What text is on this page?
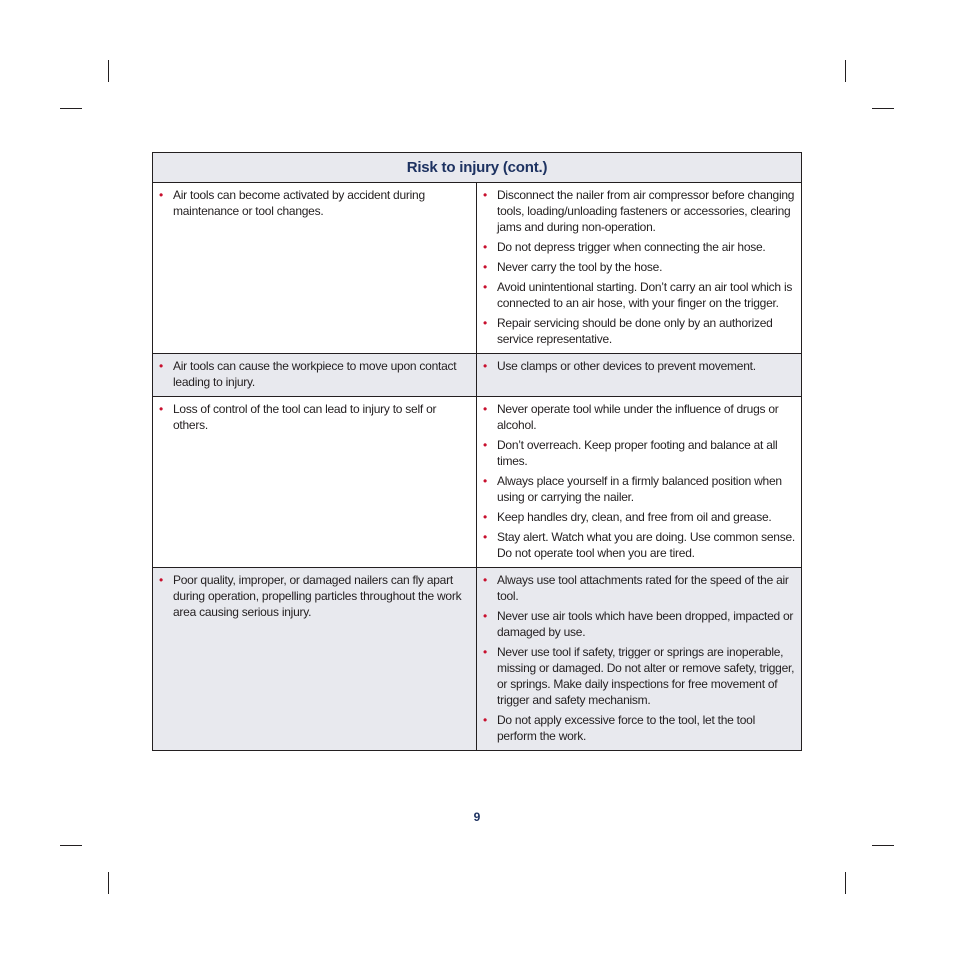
Risk to injury (cont.)
• Air tools can become activated by accident during maintenance or tool changes.
• Disconnect the nailer from air compressor before changing tools, loading/unloading fasteners or accessories, clearing jams and during non-operation.
• Do not depress trigger when connecting the air hose.
• Never carry the tool by the hose.
• Avoid unintentional starting. Don’t carry an air tool which is connected to an air hose, with your finger on the trigger.
• Repair servicing should be done only by an authorized service representative.
• Air tools can cause the workpiece to move upon contact leading to injury.
• Use clamps or other devices to prevent movement.
• Loss of control of the tool can lead to injury to self or others.
• Never operate tool while under the influence of drugs or alcohol.
• Don’t overreach. Keep proper footing and balance at all times.
• Always place yourself in a firmly balanced position when using or carrying the nailer.
• Keep handles dry, clean, and free from oil and grease.
• Stay alert. Watch what you are doing. Use common sense. Do not operate tool when you are tired.
• Poor quality, improper, or damaged nailers can fly apart during operation, propelling particles throughout the work area causing serious injury.
• Always use tool attachments rated for the speed of the air tool.
• Never use air tools which have been dropped, impacted or damaged by use.
• Never use tool if safety, trigger or springs are inoperable, missing or damaged. Do not alter or remove safety, trigger, or springs. Make daily inspections for free movement of trigger and safety mechanism.
• Do not apply excessive force to the tool, let the tool perform the work.
9
